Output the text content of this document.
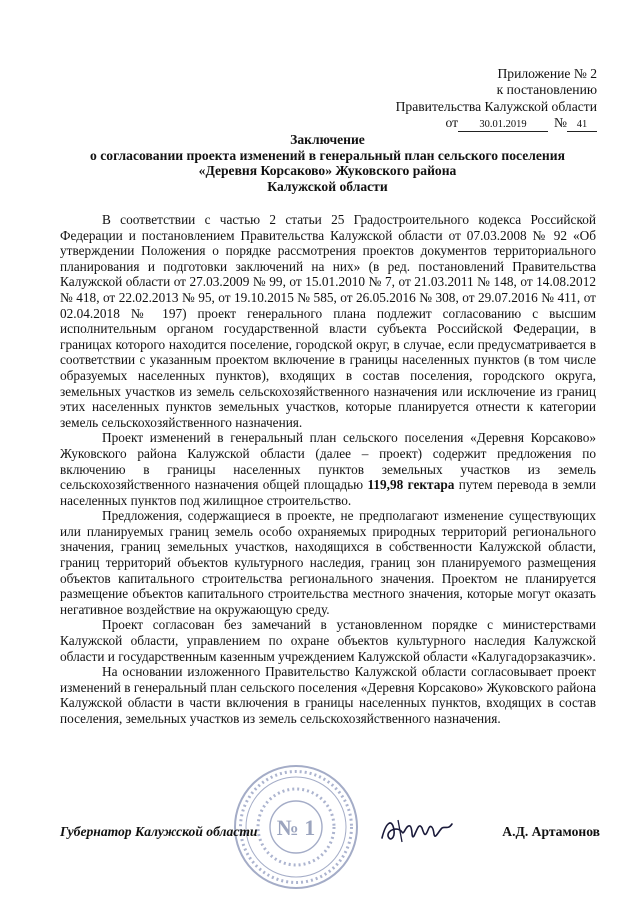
Приложение № 2
к постановлению
Правительства Калужской области
от	30.01.2019	№ 41
Заключение
о согласовании проекта изменений в генеральный план сельского поселения
«Деревня Корсаково» Жуковского района
Калужской области

В соответствии с частью 2 статьи 25 Градостроительного кодекса Российской Федерации и постановлением Правительства Калужской области от 07.03.2008 № 92 «Об утверждении Положения о порядке рассмотрения проектов документов территориального планирования и подготовки заключений на них» (в ред. постановлений Правительства Калужской области от 27.03.2009 № 99, от 15.01.2010 № 7, от 21.03.2011 № 148, от 14.08.2012 № 418, от 22.02.2013 № 95, от 19.10.2015 № 585, от 26.05.2016 № 308, от 29.07.2016 № 411, от 02.04.2018 № 197) проект генерального плана подлежит согласованию с высшим исполнительным органом государственной власти субъекта Российской Федерации, в границах которого находится поселение, городской округ, в случае, если предусматривается в соответствии с указанным проектом включение в границы населенных пунктов (в том числе образуемых населенных пунктов), входящих в состав поселения, городского округа, земельных участков из земель сельскохозяйственного назначения или исключение из границ этих населенных пунктов земельных участков, которые планируется отнести к категории земель сельскохозяйственного назначения.

Проект изменений в генеральный план сельского поселения «Деревня Корсаково» Жуковского района Калужской области (далее – проект) содержит предложения по включению в границы населенных пунктов земельных участков из земель сельскохозяйственного назначения общей площадью 119,98 гектара путем перевода в земли населенных пунктов под жилищное строительство.

Предложения, содержащиеся в проекте, не предполагают изменение существующих или планируемых границ земель особо охраняемых природных территорий регионального значения, границ земельных участков, находящихся в собственности Калужской области, границ территорий объектов культурного наследия, границ зон планируемого размещения объектов капитального строительства регионального значения. Проектом не планируется размещение объектов капитального строительства местного значения, которые могут оказать негативное воздействие на окружающую среду.

Проект согласован без замечаний в установленном порядке с министерствами Калужской области, управлением по охране объектов культурного наследия Калужской области и государственным казенным учреждением Калужской области «Калугадорзаказчик».

На основании изложенного Правительство Калужской области согласовывает проект изменений в генеральный план сельского поселения «Деревня Корсаково» Жуковского района Калужской области в части включения в границы населенных пунктов, входящих в состав поселения, земельных участков из земель сельскохозяйственного назначения.

№ 1
Губернатор Калужской области	А.Д. Артамонов
